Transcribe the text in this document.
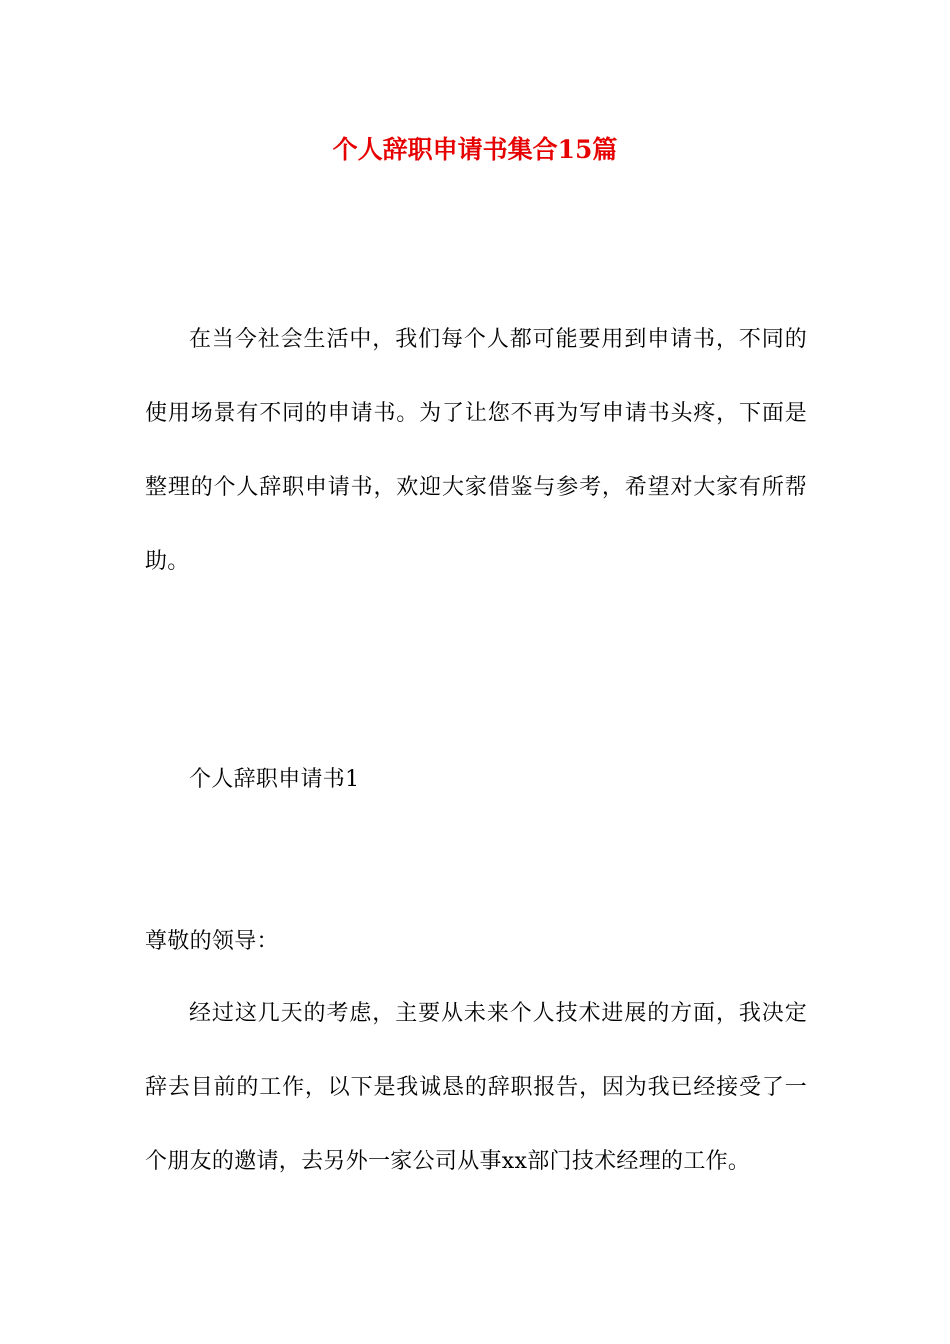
个人辞职申请书集合15篇
在当今社会生活中，我们每个人都可能要用到申请书，不同的使用场景有不同的申请书。为了让您不再为写申请书头疼，下面是整理的个人辞职申请书，欢迎大家借鉴与参考，希望对大家有所帮助。
个人辞职申请书1
尊敬的领导：
经过这几天的考虑，主要从未来个人技术进展的方面，我决定辞去目前的工作，以下是我诚恳的辞职报告，因为我已经接受了一个朋友的邀请，去另外一家公司从事xx部门技术经理的工作。
